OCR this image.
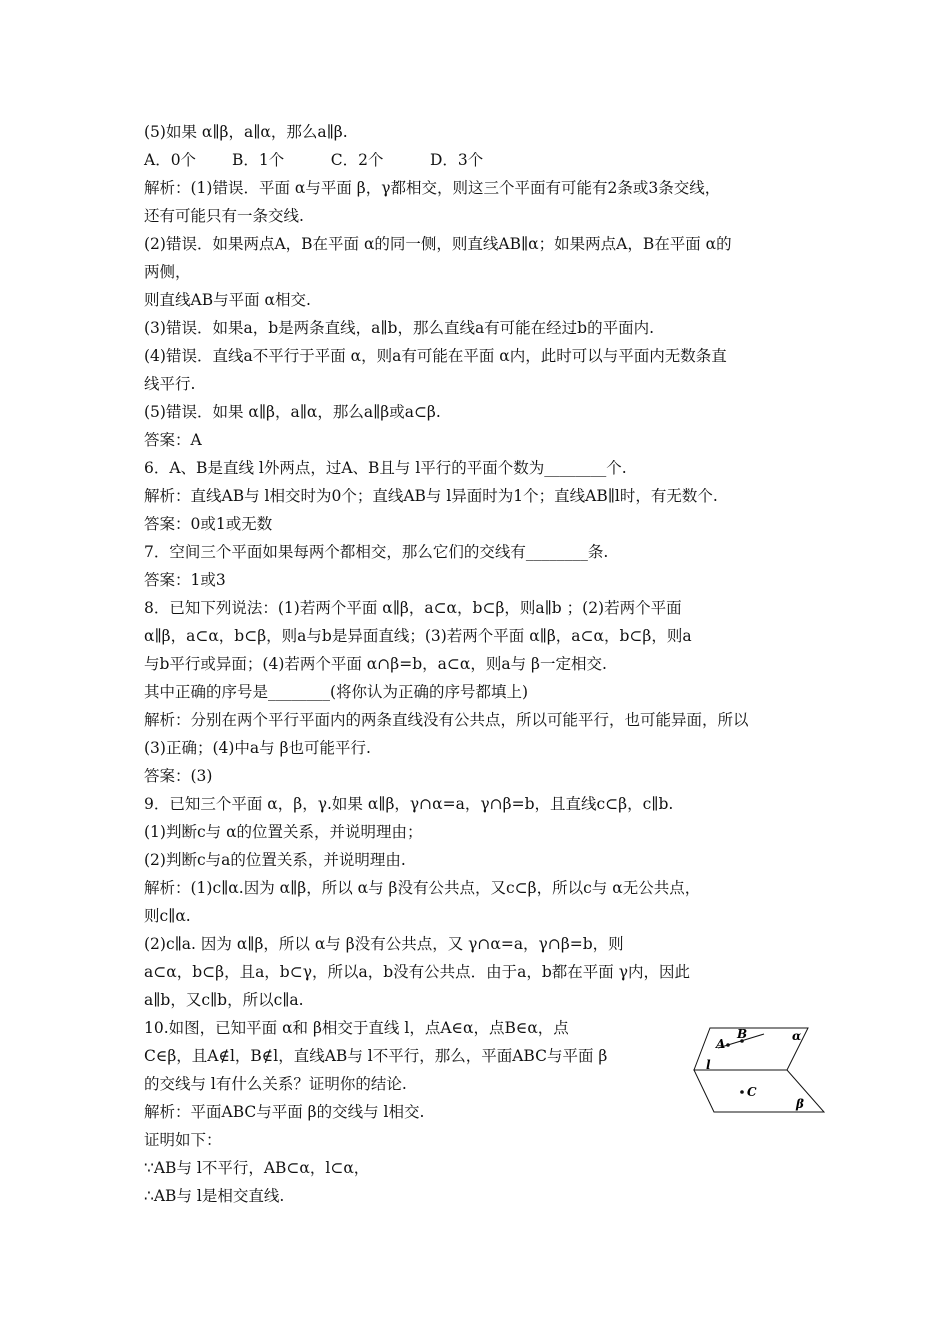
(5)如果 α∥β，a∥α，那么a∥β.
A．0个　　 B．1个　　　C．2个　　　D．3个
解析：(1)错误．平面 α与平面 β，γ都相交，则这三个平面有可能有2条或3条交线，
还有可能只有一条交线.
(2)错误．如果两点A，B在平面 α的同一侧，则直线AB∥α；如果两点A，B在平面 α的
两侧，
则直线AB与平面 α相交.
(3)错误．如果a，b是两条直线，a∥b，那么直线a有可能在经过b的平面内.
(4)错误．直线a不平行于平面 α，则a有可能在平面 α内，此时可以与平面内无数条直
线平行.
(5)错误．如果 α∥β，a∥α，那么a∥β或a⊂β.
答案：A
6．A、B是直线 l外两点，过A、B且与 l平行的平面个数为________个.
解析：直线AB与 l相交时为0个；直线AB与 l异面时为1个；直线AB∥l时，有无数个.
答案：0或1或无数
7．空间三个平面如果每两个都相交，那么它们的交线有________条.
答案：1或3
8．已知下列说法：(1)若两个平面 α∥β，a⊂α，b⊂β，则a∥b ；(2)若两个平面
α∥β，a⊂α，b⊂β，则a与b是异面直线；(3)若两个平面 α∥β，a⊂α，b⊂β，则a
与b平行或异面；(4)若两个平面 α∩β=b，a⊂α，则a与 β一定相交.
其中正确的序号是________(将你认为正确的序号都填上)
解析：分别在两个平行平面内的两条直线没有公共点，所以可能平行，也可能异面，所以
(3)正确；(4)中a与 β也可能平行.
答案：(3)
9．已知三个平面 α，β，γ.如果 α∥β，γ∩α=a，γ∩β=b，且直线c⊂β，c∥b.
(1)判断c与 α的位置关系，并说明理由；
(2)判断c与a的位置关系，并说明理由.
解析：(1)c∥α.因为 α∥β，所以 α与 β没有公共点，又c⊂β，所以c与 α无公共点，
则c∥α.
(2)c∥a. 因为 α∥β，所以 α与 β没有公共点，又 γ∩α=a，γ∩β=b，则
a⊂α，b⊂β，且a，b⊂γ，所以a，b没有公共点．由于a，b都在平面 γ内，因此
a∥b，又c∥b，所以c∥a.
10.如图，已知平面 α和 β相交于直线 l，点A∈α，点B∈α，点
C∈β，且A∉l，B∉l，直线AB与 l不平行，那么，平面ABC与平面 β
的交线与 l有什么关系？证明你的结论.
解析：平面ABC与平面 β的交线与 l相交.
证明如下：
∵AB与 l不平行，AB⊂α，l⊂α，
∴AB与 l是相交直线.
A
B	α
l
C
β
